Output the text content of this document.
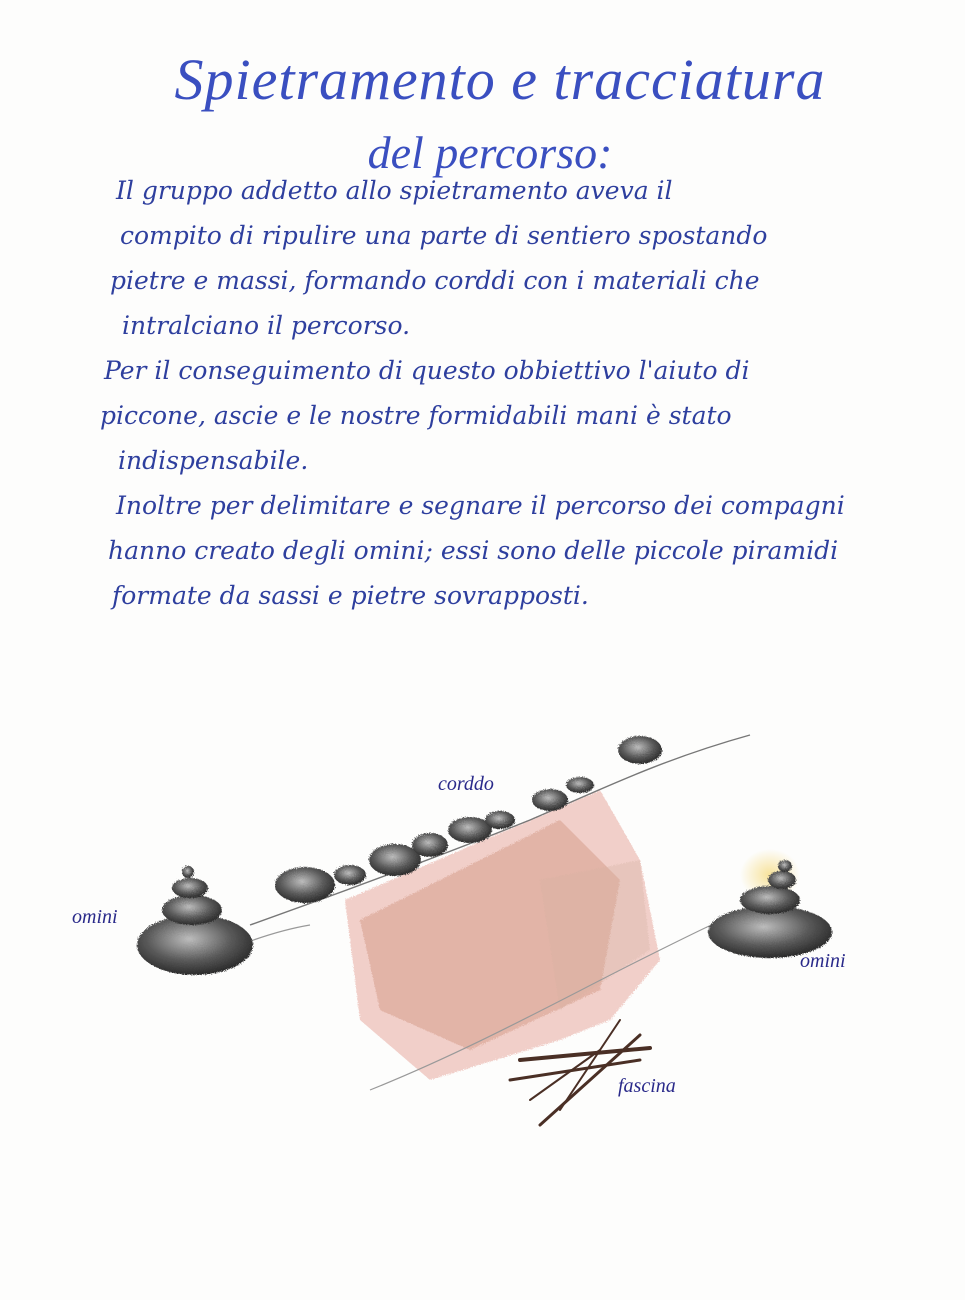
Spietramento e tracciatura
del percorso:
Il gruppo addetto allo spietramento aveva il
compito di ripulire una parte di sentiero spostando
pietre e massi, formando corddi con i materiali che
intralciano il percorso.
Per il conseguimento di questo obbiettivo l'aiuto di
piccone, ascie e le nostre formidabili mani è stato
indispensabile.
Inoltre per delimitare e segnare il percorso dei compagni
hanno creato degli omini; essi sono delle piccole piramidi
formate da sassi e pietre sovrapposti.
corddo
omini
omini
fascina
